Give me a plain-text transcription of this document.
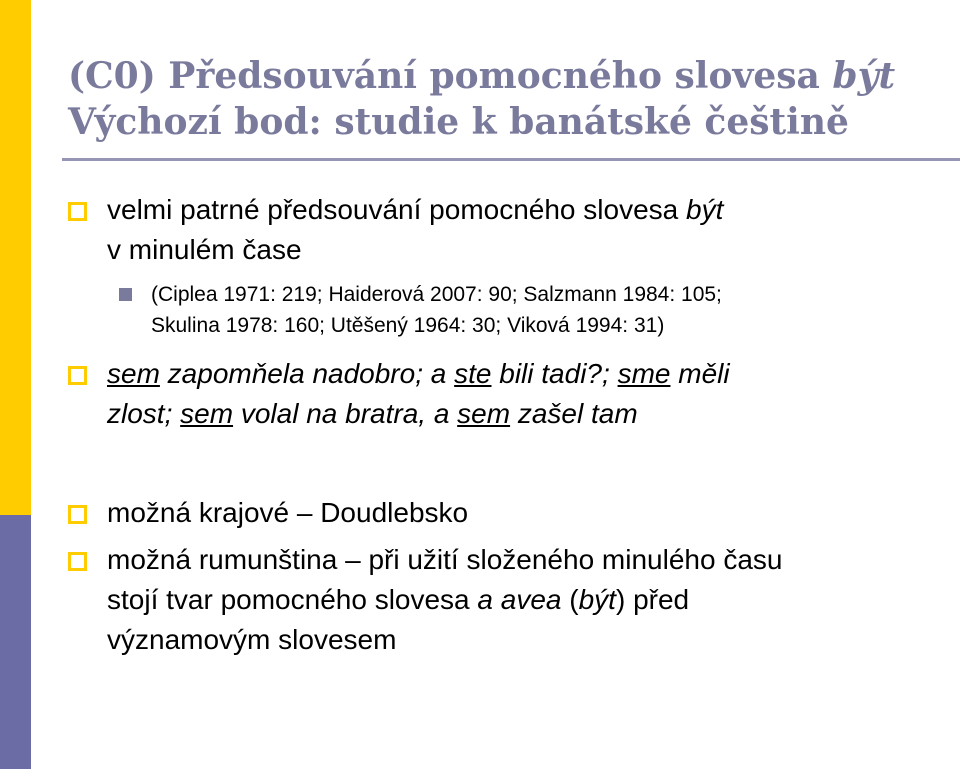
(C0) Předsouvání pomocného slovesa být
Výchozí bod: studie k banátské češtině
velmi patrné předsouvání pomocného slovesa být
v minulém čase
(Ciplea 1971: 219; Haiderová 2007: 90; Salzmann 1984: 105;
Skulina 1978: 160; Utěšený 1964: 30; Viková 1994: 31)
sem zapomňela nadobro; a ste bili tadi?; sme měli
zlost; sem volal na bratra, a sem zašel tam
možná krajové – Doudlebsko
možná rumunština – při užití složeného minulého času
stojí tvar pomocného slovesa a avea (být) před
významovým slovesem
